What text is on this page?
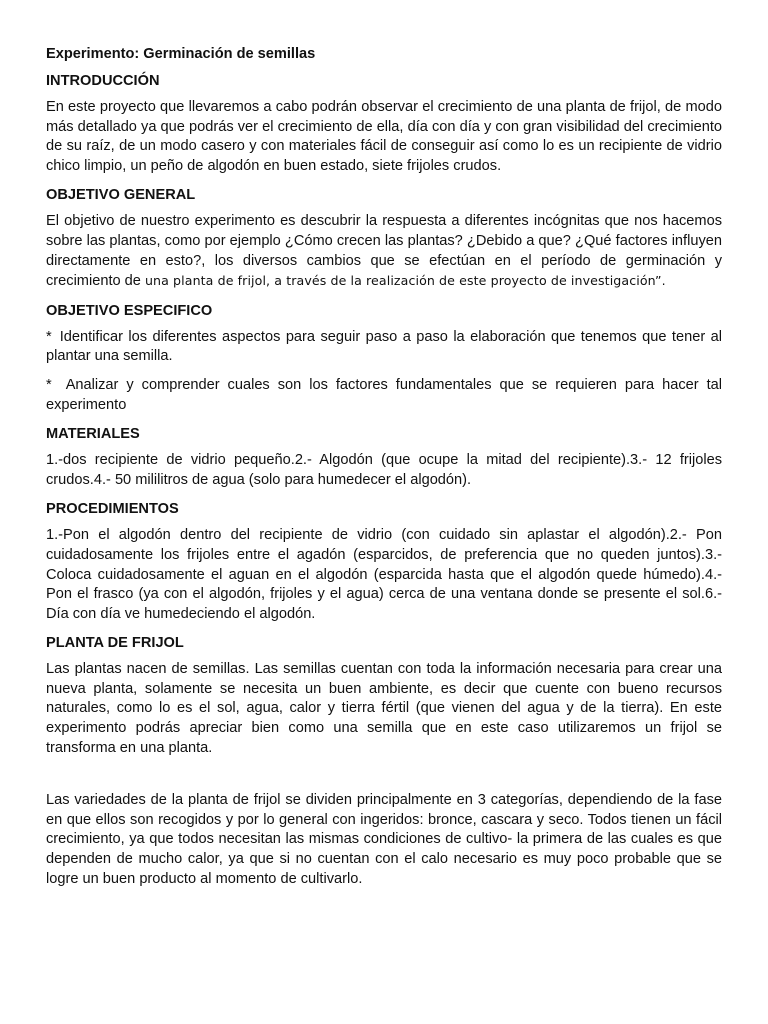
Experimento: Germinación de semillas
INTRODUCCIÓN

En este proyecto que llevaremos a cabo podrán observar el crecimiento de una planta de frijol, de modo más detallado ya que podrás ver el crecimiento de ella, día con día y con gran visibilidad del crecimiento de su raíz, de un modo casero y con materiales fácil de conseguir así como lo es un recipiente de vidrio chico limpio, un peño de algodón en buen estado, siete frijoles crudos.

OBJETIVO GENERAL

El objetivo de nuestro experimento es descubrir la respuesta a diferentes incógnitas que nos hacemos sobre las plantas, como por ejemplo ¿Cómo crecen las plantas? ¿Debido a que? ¿Qué factores influyen directamente en esto?, los diversos cambios que se efectúan en el período de germinación y crecimiento de una planta de frijol, a través de la realización de este proyecto de investigación”.

OBJETIVO ESPECIFICO

* Identificar los diferentes aspectos para seguir paso a paso la elaboración que tenemos que tener al plantar una semilla.

* Analizar y comprender cuales son los factores fundamentales que se requieren para hacer tal experimento

MATERIALES

1.-dos recipiente de vidrio pequeño.2.- Algodón (que ocupe la mitad del recipiente).3.- 12 frijoles crudos.4.- 50 mililitros de agua (solo para humedecer el algodón).

PROCEDIMIENTOS

1.-Pon el algodón dentro del recipiente de vidrio (con cuidado sin aplastar el algodón).2.- Pon cuidadosamente los frijoles entre el agadón (esparcidos, de preferencia que no queden juntos).3.- Coloca cuidadosamente el aguan en el algodón (esparcida hasta que el algodón quede húmedo).4.- Pon el frasco (ya con el algodón, frijoles y el agua) cerca de una ventana donde se presente el sol.6.- Día con día ve humedeciendo el algodón.

PLANTA DE FRIJOL

Las plantas nacen de semillas. Las semillas cuentan con toda la información necesaria para crear una nueva planta, solamente se necesita un buen ambiente, es decir que cuente con bueno recursos naturales, como lo es el sol, agua, calor y tierra fértil (que vienen del agua y de la tierra). En este experimento podrás apreciar bien como una semilla que en este caso utilizaremos un frijol se transforma en una planta.

Las variedades de la planta de frijol se dividen principalmente en 3 categorías, dependiendo de la fase en que ellos son recogidos y por lo general con ingeridos: bronce, cascara y seco. Todos tienen un fácil crecimiento, ya que todos necesitan las mismas condiciones de cultivo- la primera de las cuales es que dependen de mucho calor, ya que si no cuentan con el calo necesario es muy poco probable que se logre un buen producto al momento de cultivarlo.
